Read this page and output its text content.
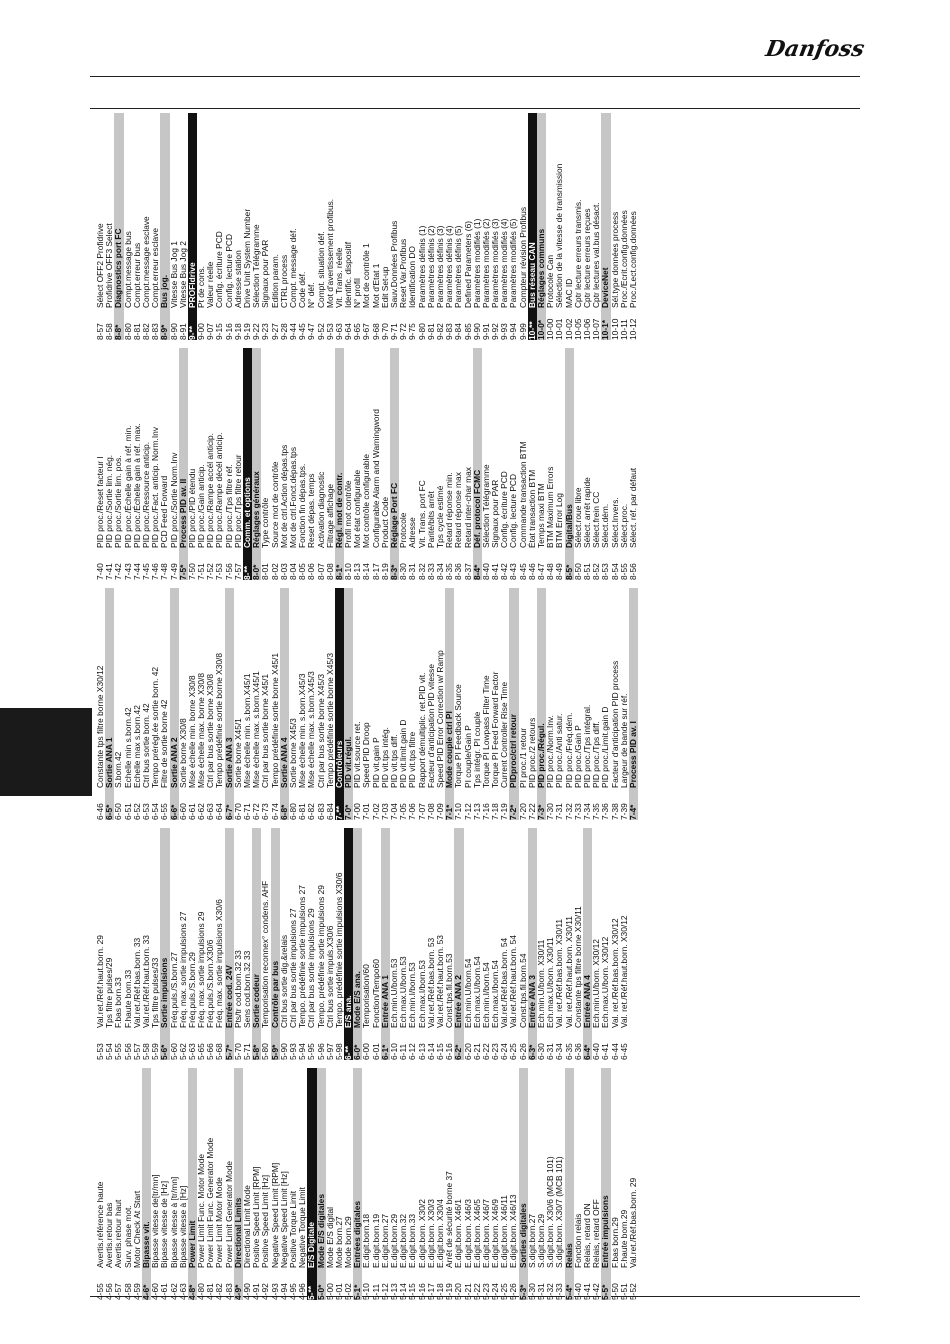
Danfoss
4-55Avertis.référence haute
4-56Avertis.retour bas
4-57Avertis.retour haut
4-58Surv. phase mot.
4-59Motor Check At Start
4-6*Bipasse vit.
4-60Bipasse vitesse de[tr/mn]
4-61Bipasse vitesse de [Hz]
4-62Bipasse vitesse à [tr/mn]
4-63Bipasse vitesse à [Hz]
4-8*Power Limit
4-80Power Limit Func. Motor Mode
4-81Power Limit Func. Generator Mode
4-82Power Limit Motor Mode
4-83Power Limit Generator Mode
4-9*Directional Limits
4-90Directional Limit Mode
4-91Positive Speed Limit [RPM]
4-92Positive Speed Limit [Hz]
4-93Negative Speed Limit [RPM]
4-94Negative Speed Limit [Hz]
4-95Positive Torque Limit
4-96Negative Torque Limit
5-**E/S Digitale
5-0*Mode E/S digitales
5-00Mode E/S digital
5-01Mode born.27
5-02Mode born.29
5-1*Entrées digitales
5-10E.digit.born.18
5-11E.digit.born.19
5-12E.digit.born.27
5-13E.digit.born.29
5-14E.digit.born.32
5-15E.digit.born.33
5-16E.digit.born. X30/2
5-17E.digit.born. X30/3
5-18E.digit.born. X30/4
5-19Arrêt de sécurité borne 37
5-20E.digit.born. X46/1
5-21E.digit.born. X46/3
5-22E.digit.born. X46/5
5-23E.digit.born. X46/7
5-24E.digit.born. X46/9
5-25E.digit.born. X46/11
5-26E.digit.born. X46/13
5-3*Sorties digitales
5-30S.digit.born.27
5-31S.digit.born.29
5-32S.digit.born. X30/6 (MCB 101)
5-33S.digit.born. X30/7 (MCB 101)
5-4*Relais
5-40Fonction relais
5-41Relais, retard ON
5-42Relais, retard OFF
5-5*Entrée impulsions
5-50F.bas born.29
5-51F.haute born.29
5-52Val.ret./Réf.bas.born. 29
5-53Val.ret./Réf.haut.born. 29
5-54Tps filtre pulses/29
5-55F.bas born.33
5-56F.haute born.33
5-57Val.ret./Réf.bas.born. 33
5-58Val.ret./Réf.haut.born. 33
5-59Tps filtre pulses/33
5-6*Sortie impulsions
5-60Fréq.puls./S.born.27
5-62Fréq. max. sortie impulsions 27
5-63Fréq.puls./S.born.29
5-65Fréq. max. sortie impulsions 29
5-66Fréq.puls./S.born.X30/6
5-68Fréq. max. sortie impulsions X30/6
5-7*Entrée cod. 24V
5-70Pts/tr cod.born.32 33
5-71Sens cod.born.32 33
5-8*Sortie codeur
5-80Temporisation reconnex° condens. AHF
5-9*Contrôle par bus
5-90Ctrl bus sortie dig.&relais
5-93Ctrl par bus sortie impulsions 27
5-94Tempo. prédéfinie sortie impulsions 27
5-95Ctrl par bus sortie impulsions 29
5-96Tempo. prédéfinie sortie impulsions 29
5-97Ctrl bus sortie impuls.X30/6
5-98Tempo. prédéfinie sortie impulsions X30/6
6-**E/S ana.
6-0*Mode E/S ana.
6-00Temporisation/60
6-01Fonction/Tempo60
6-1*Entrée ANA 1
6-10Ech.min.U/born.53
6-11Ech.max.U/born.53
6-12Ech.min.I/born.53
6-13Ech.max.I/born.53
6-14Val.ret./Réf.bas.born. 53
6-15Val.ret./Réf.haut.born. 53
6-16Const.tps.fil.born.53
6-2*Entrée ANA 2
6-20Ech.min.U/born.54
6-21Ech.max.U/born.54
6-22Ech.min.I/born.54
6-23Ech.max.I/born.54
6-24Val.ret./Réf.bas.born. 54
6-25Val.ret./Réf.haut.born. 54
6-26Const.tps.fil.born.54
6-3*Entrée ANA 3
6-30Ech.min.U/born. X30/11
6-31Ech.max.U/born. X30/11
6-34Val. ret./Réf.bas.born. X30/11
6-35Val. ret./Réf.haut.born. X30/11
6-36Constante tps filtre borne X30/11
6-4*Entrée ANA 4
6-40Ech.min.U/born. X30/12
6-41Ech.max.U/born. X30/12
6-44Val. ret./Réf.bas.born. X30/12
6-45Val. ret./Réf.haut.born. X30/12
6-46Constante tps filtre borne X30/12
6-5*Sortie ANA 1
6-50S.born.42
6-51Echelle min s.born.42
6-52Echelle max s.born.42
6-53Ctrl bus sortie born. 42
6-54Tempo prérégl.ée sortie born. 42
6-55Filtre de sortie borne 42
6-6*Sortie ANA 2
6-60Sortie borne X30/8
6-61Mise échelle min. borne X30/8
6-62Mise échelle max. borne X30/8
6-63Ctrl par bus sortie borne X30/8
6-64Tempo prédéfinie sortie borne X30/8
6-7*Sortie ANA 3
6-70Sortie borne X45/1
6-71Mise échelle min. s.born.X45/1
6-72Mise échelle max. s.born.X45/1
6-73Ctrl par bus sortie borne X45/1
6-74Tempo prédéfinie sortie borne X45/1
6-8*Sortie ANA 4
6-80Sortie borne X45/3
6-81Mise échelle min. s.born.X45/3
6-82Mise échelle max. s.born.X45/3
6-83Ctrl par bus sortie borne X45/3
6-84Tempo prédéfinie sortie borne X45/3
7-**Contrôleurs
7-0*PID vit.régul.
7-00PID vit.source ret.
7-01Speed PID Droop
7-02PID vit.gain P
7-03PID vit.tps intég.
7-04PID vit.tps diff.
7-05PID vit.limit.gain D
7-06PID vit.tps filtre
7-07Rapport démultiplic. ret.PID vit.
7-08Facteur d'anticipation PID vitesse
7-09Speed PID Error Correction w/ Ramp
7-1*Mode couple ctrl PI
7-10Torque PI Feedback Source
7-12PI couple/Gain P
7-13Tps intégr. PI couple
7-16Torque PI Lowpass Filter Time
7-18Torque PI Feed Forward Factor
7-19Current Controller Rise Time
7-2*PIDproc/ctrl retour
7-20PI proc./1 retour
7-22PID proc./2 retours
7-3*PID proc./Régul.
7-30PID proc./Norm.Inv.
7-31PID proc./Anti satur.
7-32PID proc./Fréq.dém.
7-33PID proc./Gain P
7-34PID proc./Tps intégral.
7-35PID proc./Tps diff.
7-36PID proc./Limit.gain D
7-38Facteur d'anticipation PID process
7-39Largeur de bande sur réf.
7-4*Process PID av. I
7-40PID proc./Reset facteur I
7-41PID proc./Sortie lim. nég.
7-42PID proc./Sortie lim. pos.
7-43PID proc./Échelle gain à réf. min.
7-44PID proc./Échelle gain à réf. max.
7-45PID proc./Ressource anticip.
7-46PID proc./Fact. anticip. Norm.Inv
7-48PCD Feed Forward
7-49PID proc./Sortie Norm.Inv
7-5*Process PID av. II
7-50PID proc./PID étendu
7-51PID proc./Gain anticip.
7-52PID proc./Rampe accél anticip.
7-53PID proc./Rampe décél anticip.
7-56PID proc./Tps filtre réf.
7-57PID proc./Tps filtre retour
8-**Comm. et options
8-0*Réglages généraux
8-01Type contrôle
8-02Source mot de contrôle
8-03Mot de ctrl.Action dépas.tps
8-04Mot de ctrl.Fonct.dépas.tps
8-05Fonction fin dépas.tps.
8-06Reset dépas. temps
8-07Activation diagnostic
8-08Filtrage affichage
8-1*Régl. mot de contr.
8-10Profil mot contrôle
8-13Mot état configurable
8-14Mot contrôle configurable
8-17Configurable Alarm and Warningword
8-19Product Code
8-3*Réglage Port FC
8-30Protocole
8-31Adresse
8-32Vit. Trans. port FC
8-33Parité/bits arrêt
8-34Tps cycle estimé
8-35Retard réponse min.
8-36Retard réponse max
8-37Retard inter-char max
8-4*Déf. protocol FCMC
8-40Sélection Télégramme
8-41Signaux pour PAR
8-42Config. écriture PCD
8-43Config. lecture PCD
8-45Commande transaction BTM
8-46État transaction BTM
8-47Temps maxi BTM
8-48BTM Maximum Errors
8-49BTM Error Log
8-5*Digital/Bus
8-50Sélect.roue libre
8-51Sélect. arrêt rapide
8-52Sélect.frein CC
8-53Sélect.dém.
8-54Sélect.Invers.
8-55Sélect.proc.
8-56Sélect. réf. par défaut
8-57Sélect OFF2 Profidrive
8-58Profidrive OFF3 Select
8-8*Diagnostics port FC
8-80Compt.message bus
8-81Compt.erreur bus
8-82Compt.message esclave
8-83Compt.erreur esclave
8-9*Bus jog.
8-90Vitesse Bus Jog 1
8-91Vitesse Bus Jog 2
9-**PROFIdrive
9-00Pt de cons.
9-07Valeur réelle
9-15Config. écriture PCD
9-16Config. lecture PCD
9-18Adresse station
9-19Drive Unit System Number
9-22Sélection Télégramme
9-23Signaux pour PAR
9-27Edition param.
9-28CTRL process
9-44Compt. message déf.
9-45Code déf.
9-47N° déf.
9-52Compt. situation déf.
9-53Mot d'avertissement profibus.
9-63Vit. Trans. réelle
9-64Identific. dispositif
9-65N° profil
9-67Mot de contrôle 1
9-68Mot d'Etat 1
9-70Edit Set-up
9-71Sauv.Données Profibus
9-72Reset Var.Profibus
9-75Identification DO
9-80Paramètres définis (1)
9-81Paramètres définis (2)
9-82Paramètres définis (3)
9-83Paramètres définis (4)
9-84Paramètres définis (5)
9-85Defined Parameters (6)
9-90Paramètres modifiés (1)
9-91Paramètres modifiés (2)
9-92Paramètres modifiés (3)
9-93Paramètres modifiés (4)
9-94Paramètres modifiés (5)
9-99Compteur révision Profibus
10-**Bus réseau CAN
10-0*Réglages communs
10-00Protocole Can
10-01Sélection de la vitesse de transmission
10-02MAC ID
10-05Cptr lecture erreurs transmis.
10-06Cptr lecture erreurs reçues
10-07Cptr lectures val.bus désact.
10-1*DeviceNet
10-10Sél.type données process
10-11Proc./Ecrit.config.données
10-12Proc./Lect.config.données
